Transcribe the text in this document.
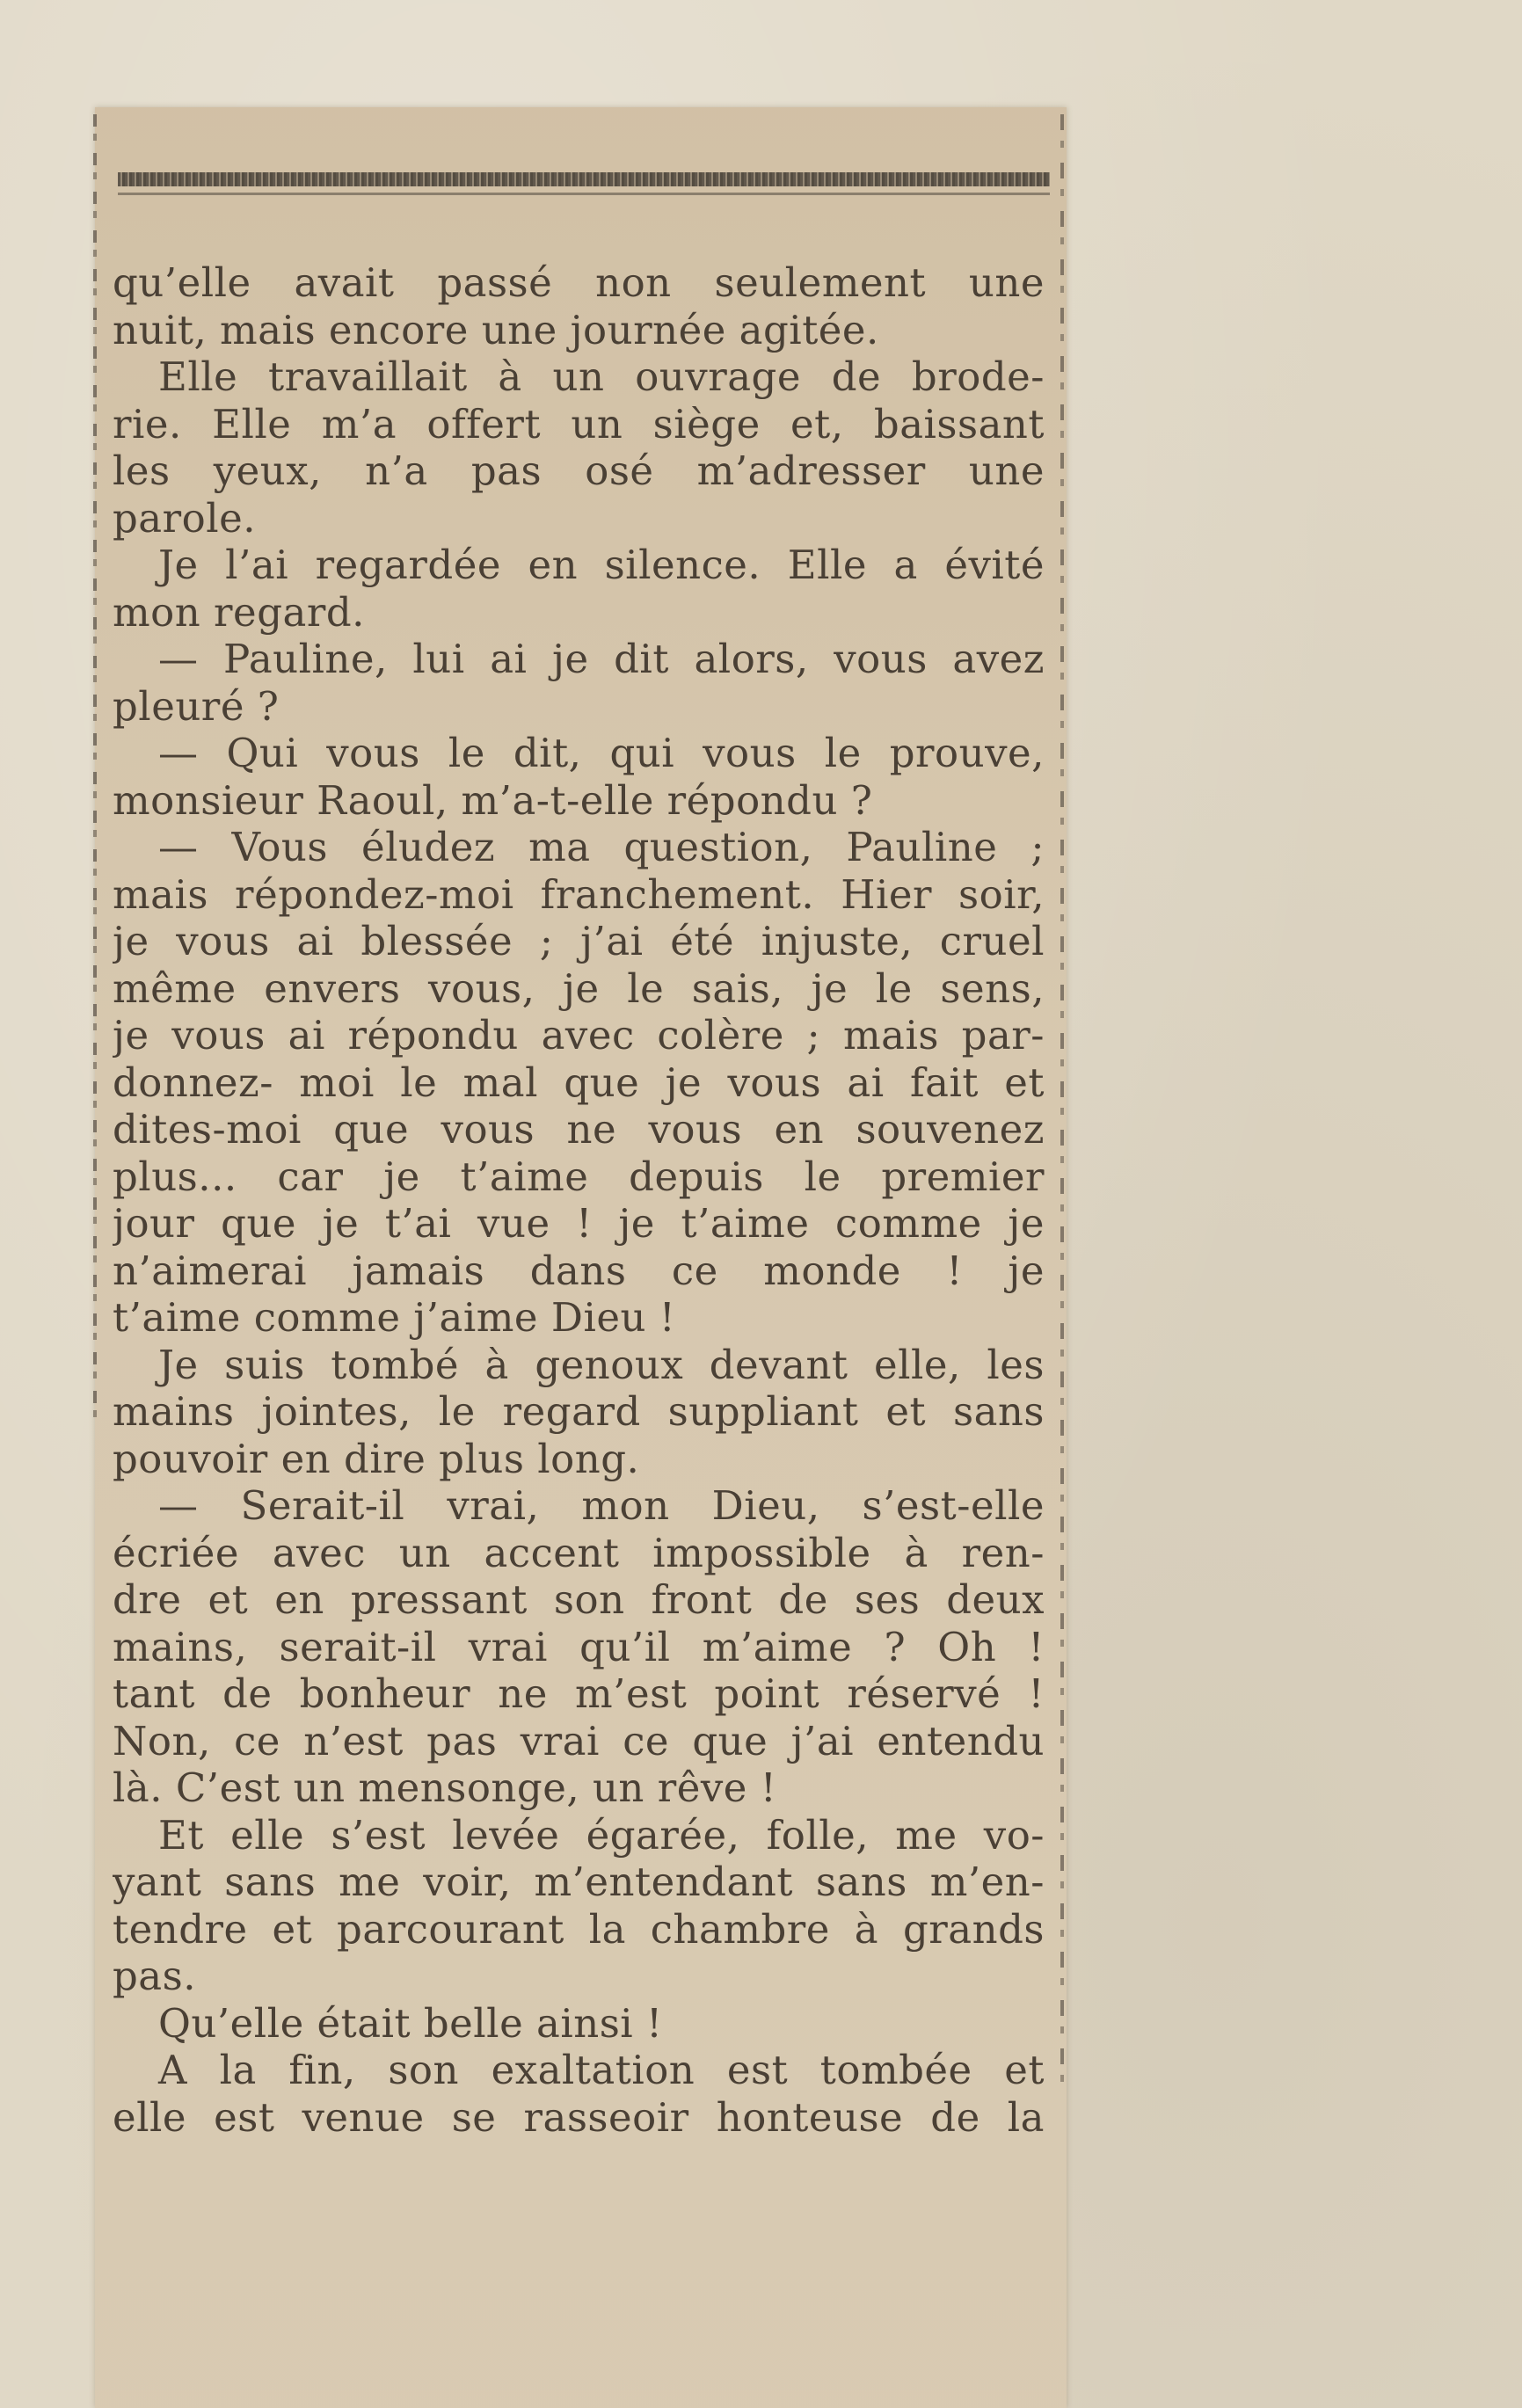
qu’elle avait passé non seulement une
nuit, mais encore une journée agitée.
Elle travaillait à un ouvrage de brode-
rie. Elle m’a offert un siège et, baissant
les yeux, n’a pas osé m’adresser une
parole.
Je l’ai regardée en silence. Elle a évité
mon regard.
— Pauline, lui ai je dit alors, vous avez
pleuré ?
— Qui vous le dit, qui vous le prouve,
monsieur Raoul, m’a-t-elle répondu ?
— Vous éludez ma question, Pauline ;
mais répondez-moi franchement. Hier soir,
je vous ai blessée ; j’ai été injuste, cruel
même envers vous, je le sais, je le sens,
je vous ai répondu avec colère ; mais par-
donnez- moi le mal que je vous ai fait et
dites-moi que vous ne vous en souvenez
plus... car je t’aime depuis le premier
jour que je t’ai vue ! je t’aime comme je
n’aimerai jamais dans ce monde ! je
t’aime comme j’aime Dieu !
Je suis tombé à genoux devant elle, les
mains jointes, le regard suppliant et sans
pouvoir en dire plus long.
— Serait-il vrai, mon Dieu, s’est-elle
écriée avec un accent impossible à ren-
dre et en pressant son front de ses deux
mains, serait-il vrai qu’il m’aime ? Oh !
tant de bonheur ne m’est point réservé !
Non, ce n’est pas vrai ce que j’ai entendu
là. C’est un mensonge, un rêve !
Et elle s’est levée égarée, folle, me vo-
yant sans me voir, m’entendant sans m’en-
tendre et parcourant la chambre à grands
pas.
Qu’elle était belle ainsi !
A la fin, son exaltation est tombée et
elle est venue se rasseoir honteuse de la
